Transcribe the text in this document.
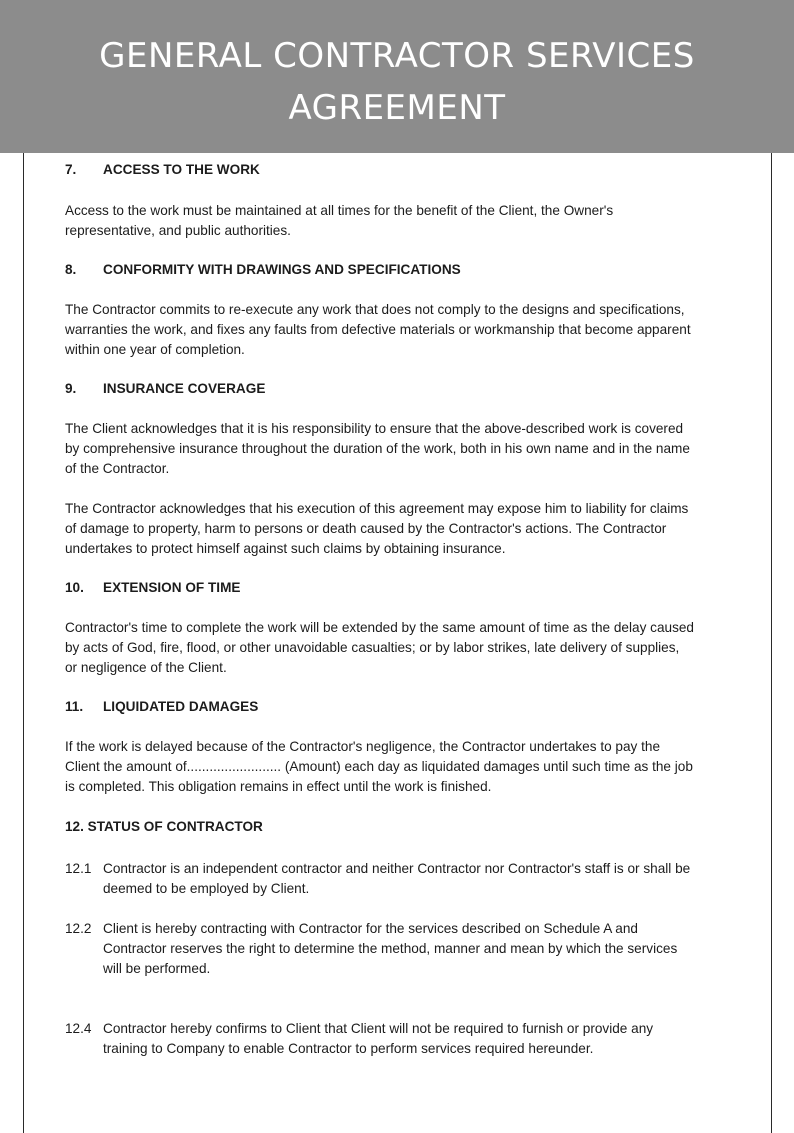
GENERAL CONTRACTOR SERVICES
AGREEMENT
7.	ACCESS TO THE WORK

Access to the work must be maintained at all times for the benefit of the Client, the Owner's representative, and public authorities.

8.	CONFORMITY WITH DRAWINGS AND SPECIFICATIONS

The Contractor commits to re-execute any work that does not comply to the designs and specifications, warranties the work, and fixes any faults from defective materials or workmanship that become apparent within one year of completion.

9.	INSURANCE COVERAGE

The Client acknowledges that it is his responsibility to ensure that the above-described work is covered by comprehensive insurance throughout the duration of the work, both in his own name and in the name of the Contractor.

The Contractor acknowledges that his execution of this agreement may expose him to liability for claims of damage to property, harm to persons or death caused by the Contractor's actions. The Contractor undertakes to protect himself against such claims by obtaining insurance.

10.	EXTENSION OF TIME

Contractor's time to complete the work will be extended by the same amount of time as the delay caused by acts of God, fire, flood, or other unavoidable casualties; or by labor strikes, late delivery of supplies, or negligence of the Client.

11.	LIQUIDATED DAMAGES

If the work is delayed because of the Contractor's negligence, the Contractor undertakes to pay the Client the amount of......................... (Amount) each day as liquidated damages until such time as the job is completed. This obligation remains in effect until the work is finished.

12. STATUS OF CONTRACTOR
12.1 Contractor is an independent contractor and neither Contractor nor Contractor's staff is or shall be deemed to be employed by Client.
12.2 Client is hereby contracting with Contractor for the services described on Schedule A and Contractor reserves the right to determine the method, manner and mean by which the services will be performed.
12.4 Contractor hereby confirms to Client that Client will not be required to furnish or provide any training to Company to enable Contractor to perform services required hereunder.
